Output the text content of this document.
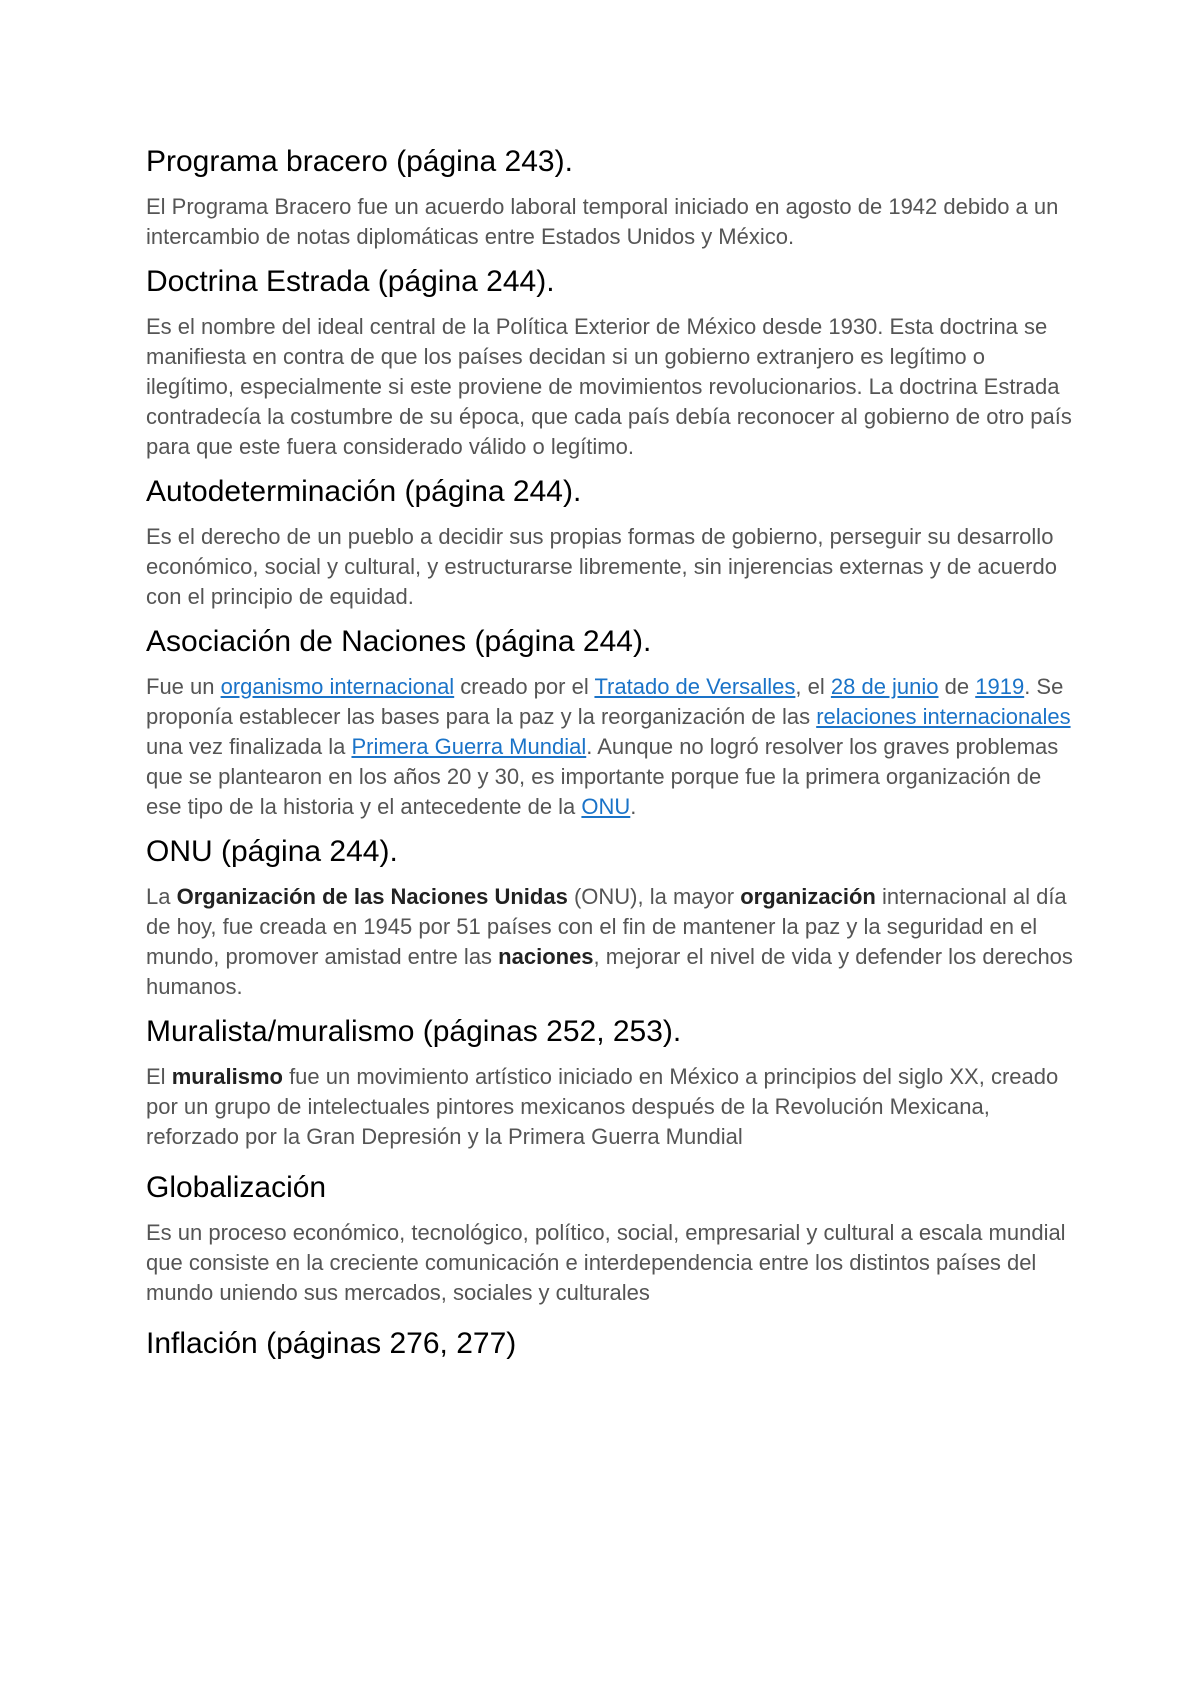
Programa bracero (página 243).

El Programa Bracero fue un acuerdo laboral temporal iniciado en agosto de 1942 debido a un intercambio de notas diplomáticas entre Estados Unidos y México.

Doctrina Estrada (página 244).

Es el nombre del ideal central de la Política Exterior de México desde 1930. Esta doctrina se manifiesta en contra de que los países decidan si un gobierno extranjero es legítimo o ilegítimo, especialmente si este proviene de movimientos revolucionarios. La doctrina Estrada contradecía la costumbre de su época, que cada país debía reconocer al gobierno de otro país para que este fuera considerado válido o legítimo.

Autodeterminación (página 244).

Es el derecho de un pueblo a decidir sus propias formas de gobierno, perseguir su desarrollo económico, social y cultural, y estructurarse libremente, sin injerencias externas y de acuerdo con el principio de equidad.

Asociación de Naciones (página 244).

Fue un organismo internacional creado por el Tratado de Versalles, el 28 de junio de 1919. Se proponía establecer las bases para la paz y la reorganización de las relaciones internacionales una vez finalizada la Primera Guerra Mundial. Aunque no logró resolver los graves problemas que se plantearon en los años 20 y 30, es importante porque fue la primera organización de ese tipo de la historia y el antecedente de la ONU.

ONU (página 244).

La Organización de las Naciones Unidas (ONU), la mayor organización internacional al día de hoy, fue creada en 1945 por 51 países con el fin de mantener la paz y la seguridad en el mundo, promover amistad entre las naciones, mejorar el nivel de vida y defender los derechos humanos.

Muralista/muralismo (páginas 252, 253).

El muralismo fue un movimiento artístico iniciado en México a principios del siglo XX, creado por un grupo de intelectuales pintores mexicanos después de la Revolución Mexicana, reforzado por la Gran Depresión y la Primera Guerra Mundial

Globalización

Es un proceso económico, tecnológico, político, social, empresarial y cultural a escala mundial que consiste en la creciente comunicación e interdependencia entre los distintos países del mundo uniendo sus mercados, sociales y culturales

Inflación (páginas 276, 277)
